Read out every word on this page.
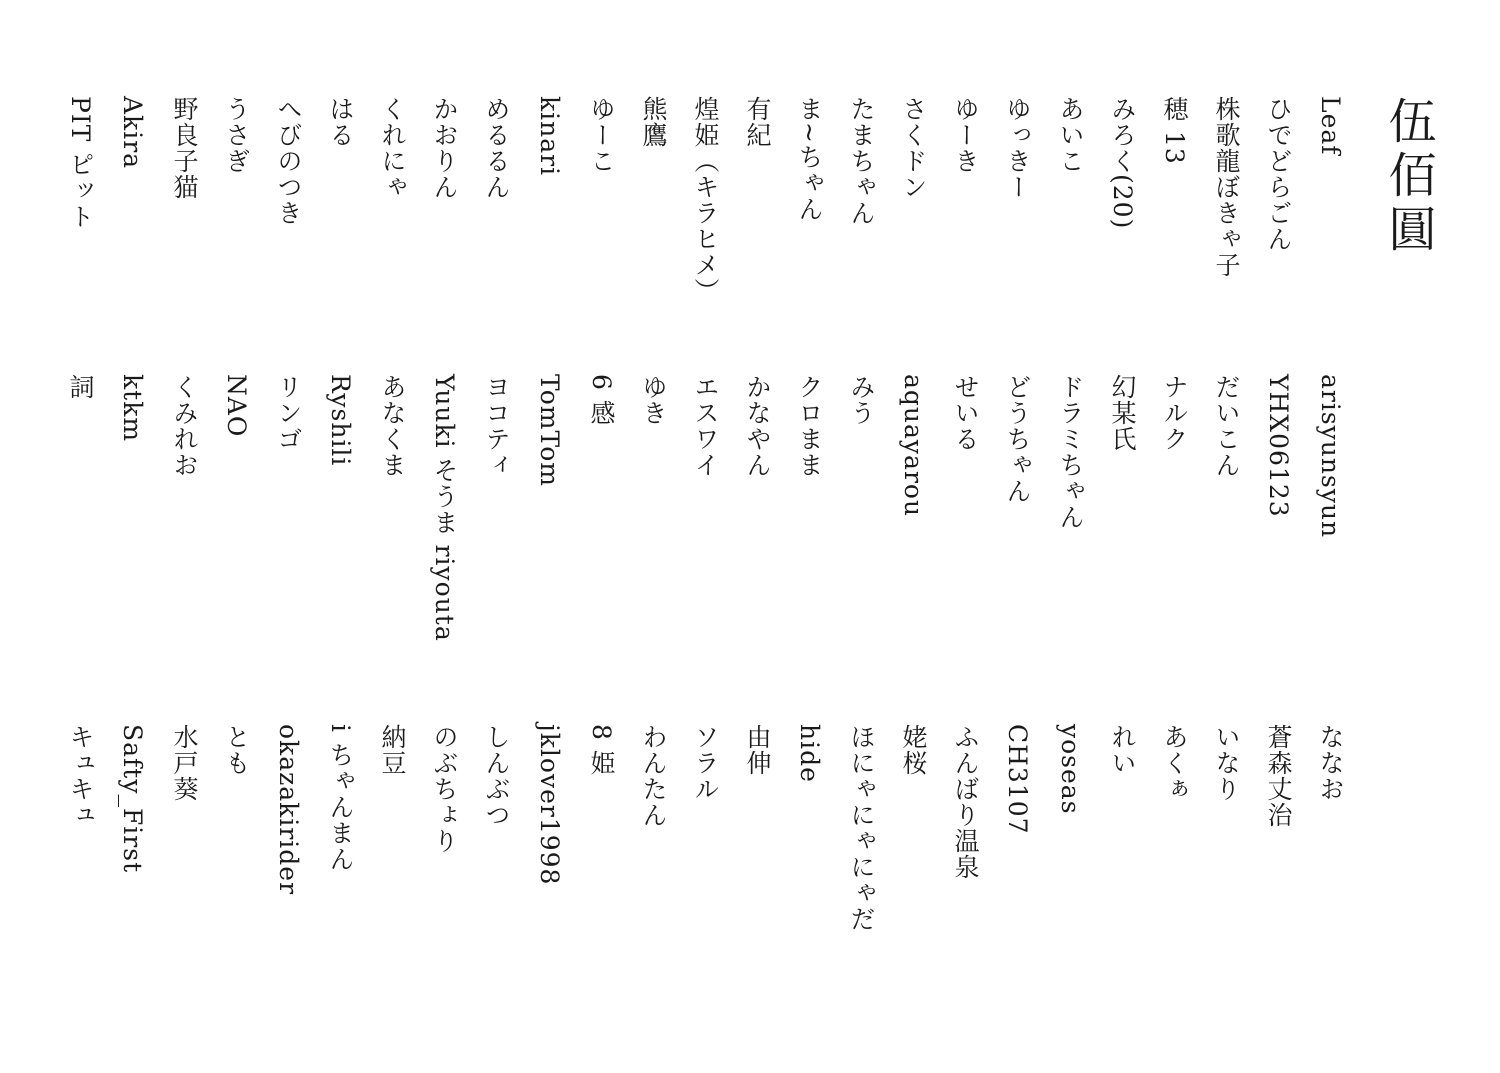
伍佰圓
Leaf
arisyunsyun
ななお
ひでどらごん
YHX06123
蒼森丈治
株歌龍ぼきゃ子
だいこん
いなり
穂 13
ナルク
あくぁ
みろく(20)
幻某氏
れい
あいこ
ドラミちゃん
yoseas
ゆっきー
どうちゃん
CH3107
ゆーき
せいる
ふんばり温泉
さくドン
aquayarou
姥桜
たまちゃん
みう
ほにゃにゃにゃだ
ま~ちゃん
クロまま
hide
有紀
かなやん
由伸
煌姫（キラヒメ）
エスワイ
ソラル
熊鷹
ゆき
わんたん
ゆーこ
6 感
8 姫
kinari
TomTom
jklover1998
めるるん
ヨコティ
しんぶつ
かおりん
Yuuki そうま riyouta
のぶちょり
くれにゃ
あなくま
納豆
はる
Ryshili
i ちゃんまん
へびのつき
リンゴ
okazakirider
うさぎ
NAO
とも
野良子猫
くみれお
水戸葵
Akira
ktkm
Safty_First
PIT ピット
詞
キュキュ
